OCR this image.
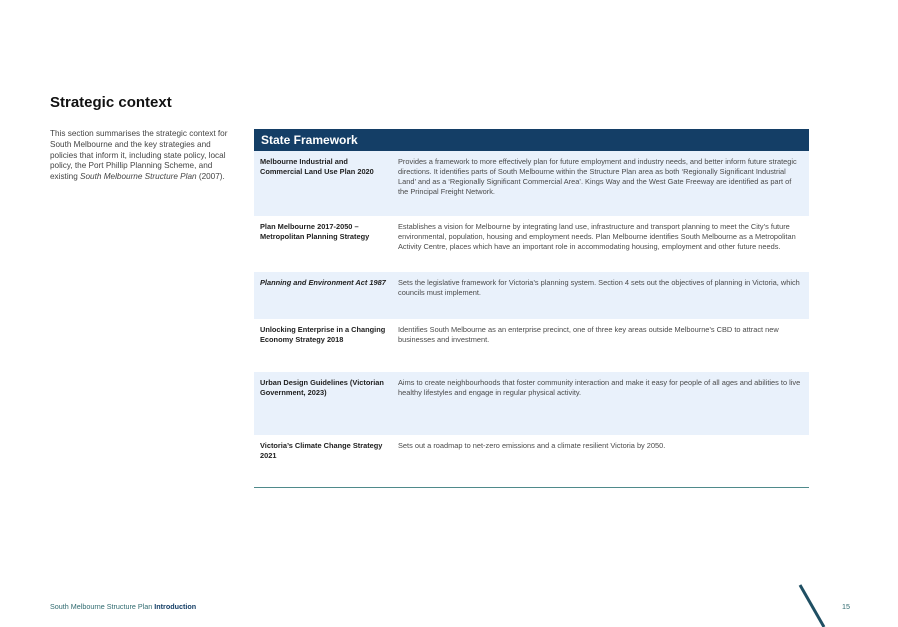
Strategic context
This section summarises the strategic context for South Melbourne and the key strategies and policies that inform it, including state policy, local policy, the Port Phillip Planning Scheme, and existing South Melbourne Structure Plan (2007).
State Framework
Melbourne Industrial and Commercial Land Use Plan 2020
Provides a framework to more effectively plan for future employment and industry needs, and better inform future strategic directions. It identifies parts of South Melbourne within the Structure Plan area as both ‘Regionally Significant Industrial Land’ and as a ‘Regionally Significant Commercial Area’. Kings Way and the West Gate Freeway are identified as part of the Principal Freight Network.
Plan Melbourne 2017-2050 – Metropolitan Planning Strategy
Establishes a vision for Melbourne by integrating land use, infrastructure and transport planning to meet the City’s future environmental, population, housing and employment needs. Plan Melbourne identifies South Melbourne as a Metropolitan Activity Centre, places which have an important role in accommodating housing, employment and other future needs.
Planning and Environment Act 1987	Sets the legislative framework for Victoria’s planning system. Section 4 sets out the objectives of planning in Victoria, which councils must implement.
Unlocking Enterprise in a Changing Economy Strategy 2018
Identifies South Melbourne as an enterprise precinct, one of three key areas outside Melbourne’s CBD to attract new businesses and investment.
Urban Design Guidelines (Victorian Government, 2023)
Aims to create neighbourhoods that foster community interaction and make it easy for people of all ages and abilities to live healthy lifestyles and engage in regular physical activity.
Victoria’s Climate Change Strategy 2021
Sets out a roadmap to net-zero emissions and a climate resilient Victoria by 2050.
South Melbourne Structure Plan Introduction	15
